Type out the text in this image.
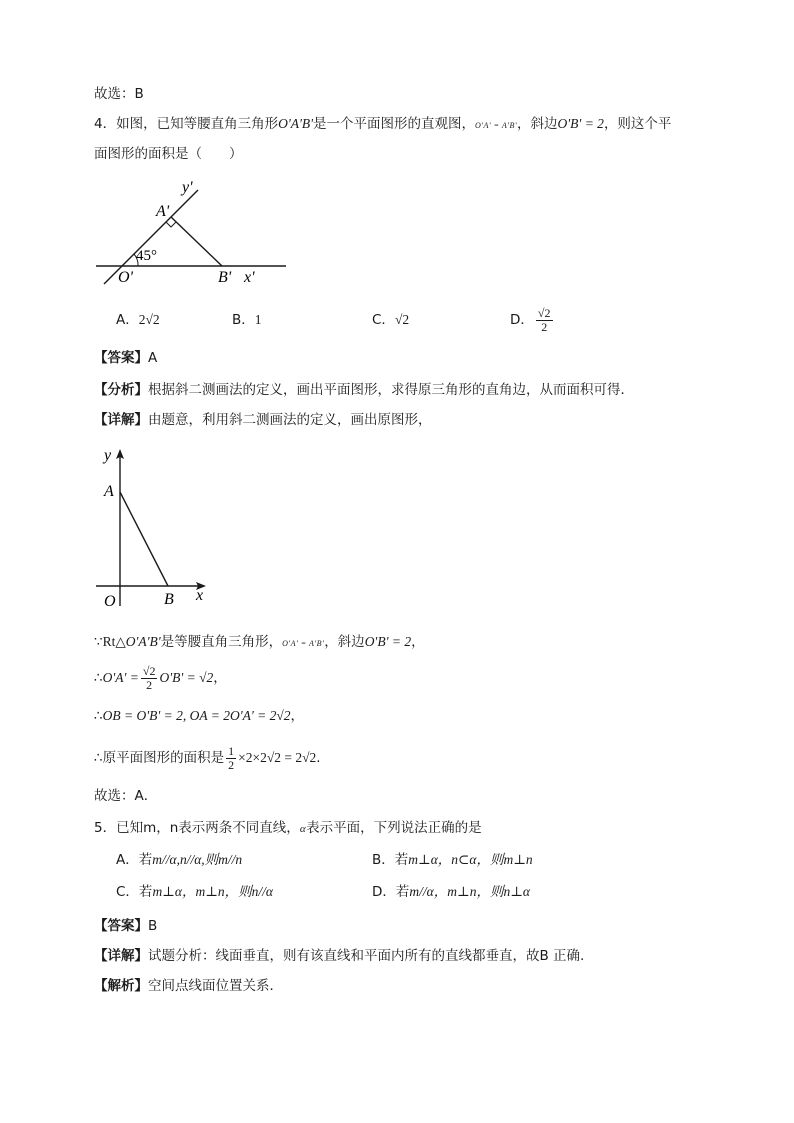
故选：B
4．如图，已知等腰直角三角形O'A'B'是一个平面图形的直观图，O'A' = A'B'，斜边O'B' = 2，则这个平
面图形的面积是（　　）
y'
A'
45°
O'	B' x'
A．2√2	B．1	C．√2	D． $\frac{√2}{2}$
【答案】A
【分析】根据斜二测画法的定义，画出平面图形，求得原三角形的直角边，从而面积可得．
【详解】由题意，利用斜二测画法的定义，画出原图形，
y
A
O	B x
∵Rt△O'A'B'是等腰直角三角形，O'A' = A'B'，斜边O'B' = 2，
∴O'A' = $\frac{√2}{2} O'B' = √2$，
∴OB = O'B' = 2, OA = 2O'A' = 2√2，
∴原平面图形的面积是 $\frac{1}{2} \times 2\times 2√2 = 2√2$.
故选：A．
5．已知m，n表示两条不同直线，α表示平面，下列说法正确的是
A．若m//α,n//α,则m//n	B．若m⊥α，n⊂α，则m⊥n
C．若m⊥α，m⊥n，则n//α	D．若m//α，m⊥n，则n⊥α
【答案】B
【详解】试题分析：线面垂直，则有该直线和平面内所有的直线都垂直，故B 正确.
【解析】空间点线面位置关系．
